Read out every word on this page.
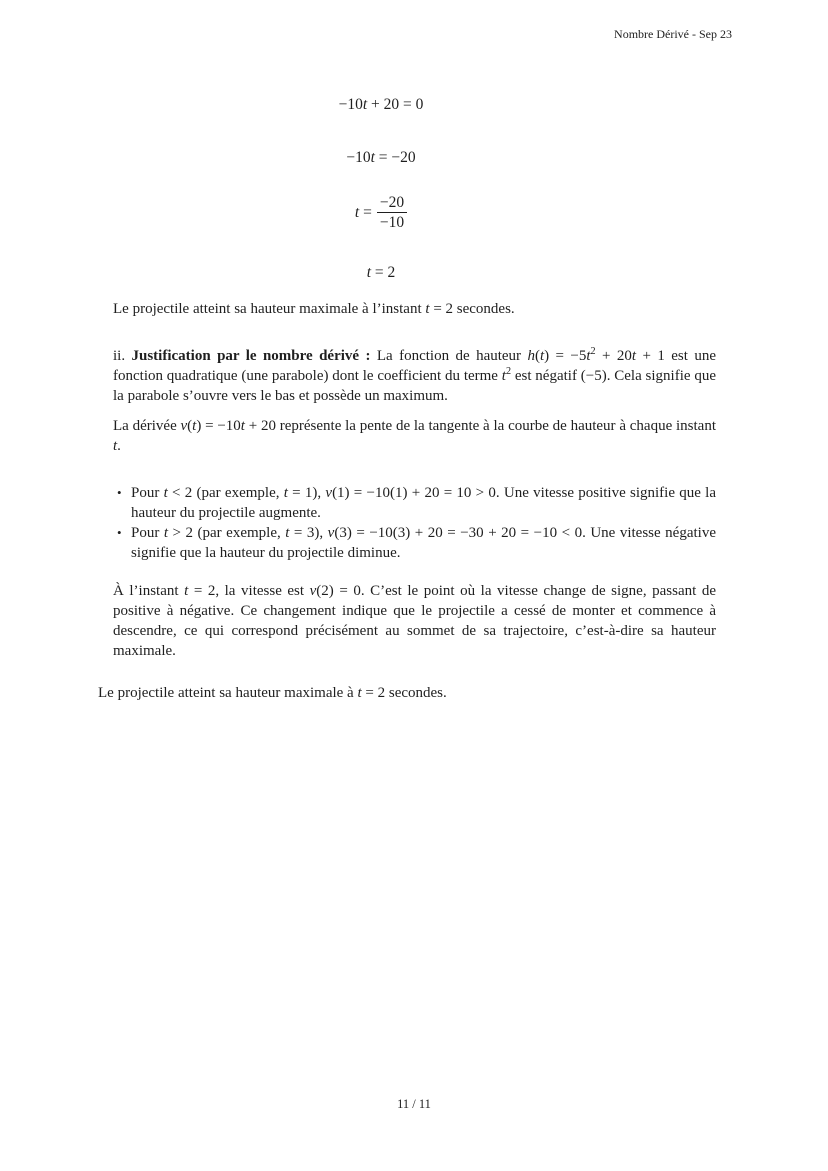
Nombre Dérivé - Sep 23
−10t + 20 = 0
−10t = −20
$t = \frac{-20}{-10}$
t = 2

Le projectile atteint sa hauteur maximale à l’instant t = 2 secondes.

ii. Justification par le nombre dérivé : La fonction de hauteur $h(t) = -5t^2 + 20t + 1$ est une fonction quadratique (une parabole) dont le coefficient du terme $t^2$ est négatif (−5). Cela signifie que la parabole s’ouvre vers le bas et possède un maximum.

La dérivée v(t) = −10t + 20 représente la pente de la tangente à la courbe de hauteur à chaque instant t.

• Pour t < 2 (par exemple, t = 1), v(1) = −10(1) + 20 = 10 > 0. Une vitesse positive signifie que la hauteur du projectile augmente.
• Pour t > 2 (par exemple, t = 3), v(3) = −10(3) + 20 = −30 + 20 = −10 < 0. Une vitesse négative signifie que la hauteur du projectile diminue.

À l’instant t = 2, la vitesse est v(2) = 0. C’est le point où la vitesse change de signe, passant de positive à négative. Ce changement indique que le projectile a cessé de monter et commence à descendre, ce qui correspond précisément au sommet de sa trajectoire, c’est-à-dire sa hauteur maximale.

Le projectile atteint sa hauteur maximale à t = 2 secondes.

11 / 11
